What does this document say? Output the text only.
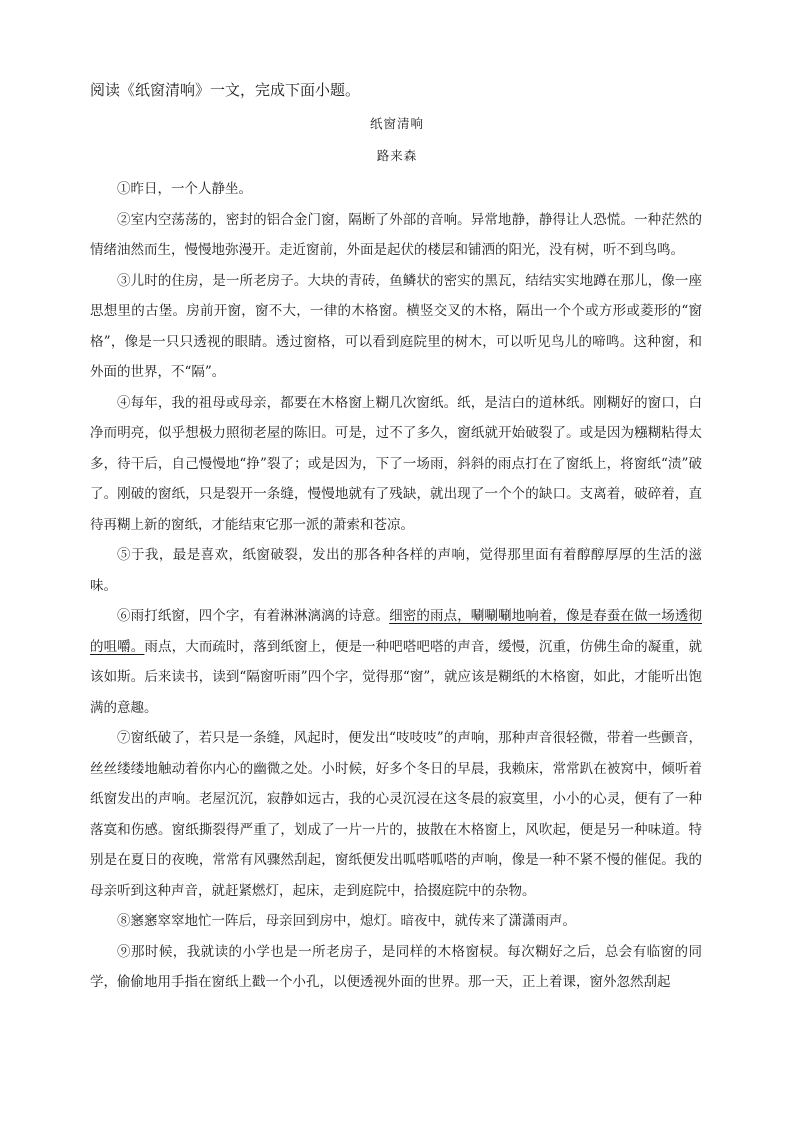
阅读《纸窗清响》一文，完成下面小题。
纸窗清响
路来森

①昨日，一个人静坐。

②室内空荡荡的，密封的铝合金门窗，隔断了外部的音响。异常地静，静得让人恐慌。一种茫然的情绪油然而生，慢慢地弥漫开。走近窗前，外面是起伏的楼层和铺洒的阳光，没有树，听不到鸟鸣。

③儿时的住房，是一所老房子。大块的青砖，鱼鳞状的密实的黑瓦，结结实实地蹲在那儿，像一座思想里的古堡。房前开窗，窗不大，一律的木格窗。横竖交叉的木格，隔出一个个或方形或菱形的“窗格”，像是一只只透视的眼睛。透过窗格，可以看到庭院里的树木，可以听见鸟儿的啼鸣。这种窗，和外面的世界，不“隔”。

④每年，我的祖母或母亲，都要在木格窗上糊几次窗纸。纸，是洁白的道林纸。刚糊好的窗口，白净而明亮，似乎想极力照彻老屋的陈旧。可是，过不了多久，窗纸就开始破裂了。或是因为糨糊粘得太多，待干后，自己慢慢地“挣”裂了；或是因为，下了一场雨，斜斜的雨点打在了窗纸上，将窗纸“渍”破了。刚破的窗纸，只是裂开一条缝，慢慢地就有了残缺，就出现了一个个的缺口。支离着，破碎着，直待再糊上新的窗纸，才能结束它那一派的萧索和苍凉。

⑤于我，最是喜欢，纸窗破裂，发出的那各种各样的声响，觉得那里面有着醇醇厚厚的生活的滋味。

⑥雨打纸窗，四个字，有着淋淋漓漓的诗意。细密的雨点，唰唰唰地响着，像是春蚕在做一场透彻的咀嚼。雨点，大而疏时，落到纸窗上，便是一种吧嗒吧嗒的声音，缓慢，沉重，仿佛生命的凝重，就该如斯。后来读书，读到“隔窗听雨”四个字，觉得那“窗”，就应该是糊纸的木格窗，如此，才能听出饱满的意趣。

⑦窗纸破了，若只是一条缝，风起时，便发出“吱吱吱”的声响，那种声音很轻微，带着一些颤音，丝丝缕缕地触动着你内心的幽微之处。小时候，好多个冬日的早晨，我赖床，常常趴在被窝中，倾听着纸窗发出的声响。老屋沉沉，寂静如远古，我的心灵沉浸在这冬晨的寂寞里，小小的心灵，便有了一种落寞和伤感。窗纸撕裂得严重了，划成了一片一片的，披散在木格窗上，风吹起，便是另一种味道。特别是在夏日的夜晚，常常有风骤然刮起，窗纸便发出呱嗒呱嗒的声响，像是一种不紧不慢的催促。我的母亲听到这种声音，就赶紧燃灯，起床，走到庭院中，拾掇庭院中的杂物。

⑧窸窸窣窣地忙一阵后，母亲回到房中，熄灯。暗夜中，就传来了潇潇雨声。

⑨那时候，我就读的小学也是一所老房子，是同样的木格窗棂。每次糊好之后，总会有临窗的同学，偷偷地用手指在窗纸上戳一个小孔，以便透视外面的世界。那一天，正上着课，窗外忽然刮起
